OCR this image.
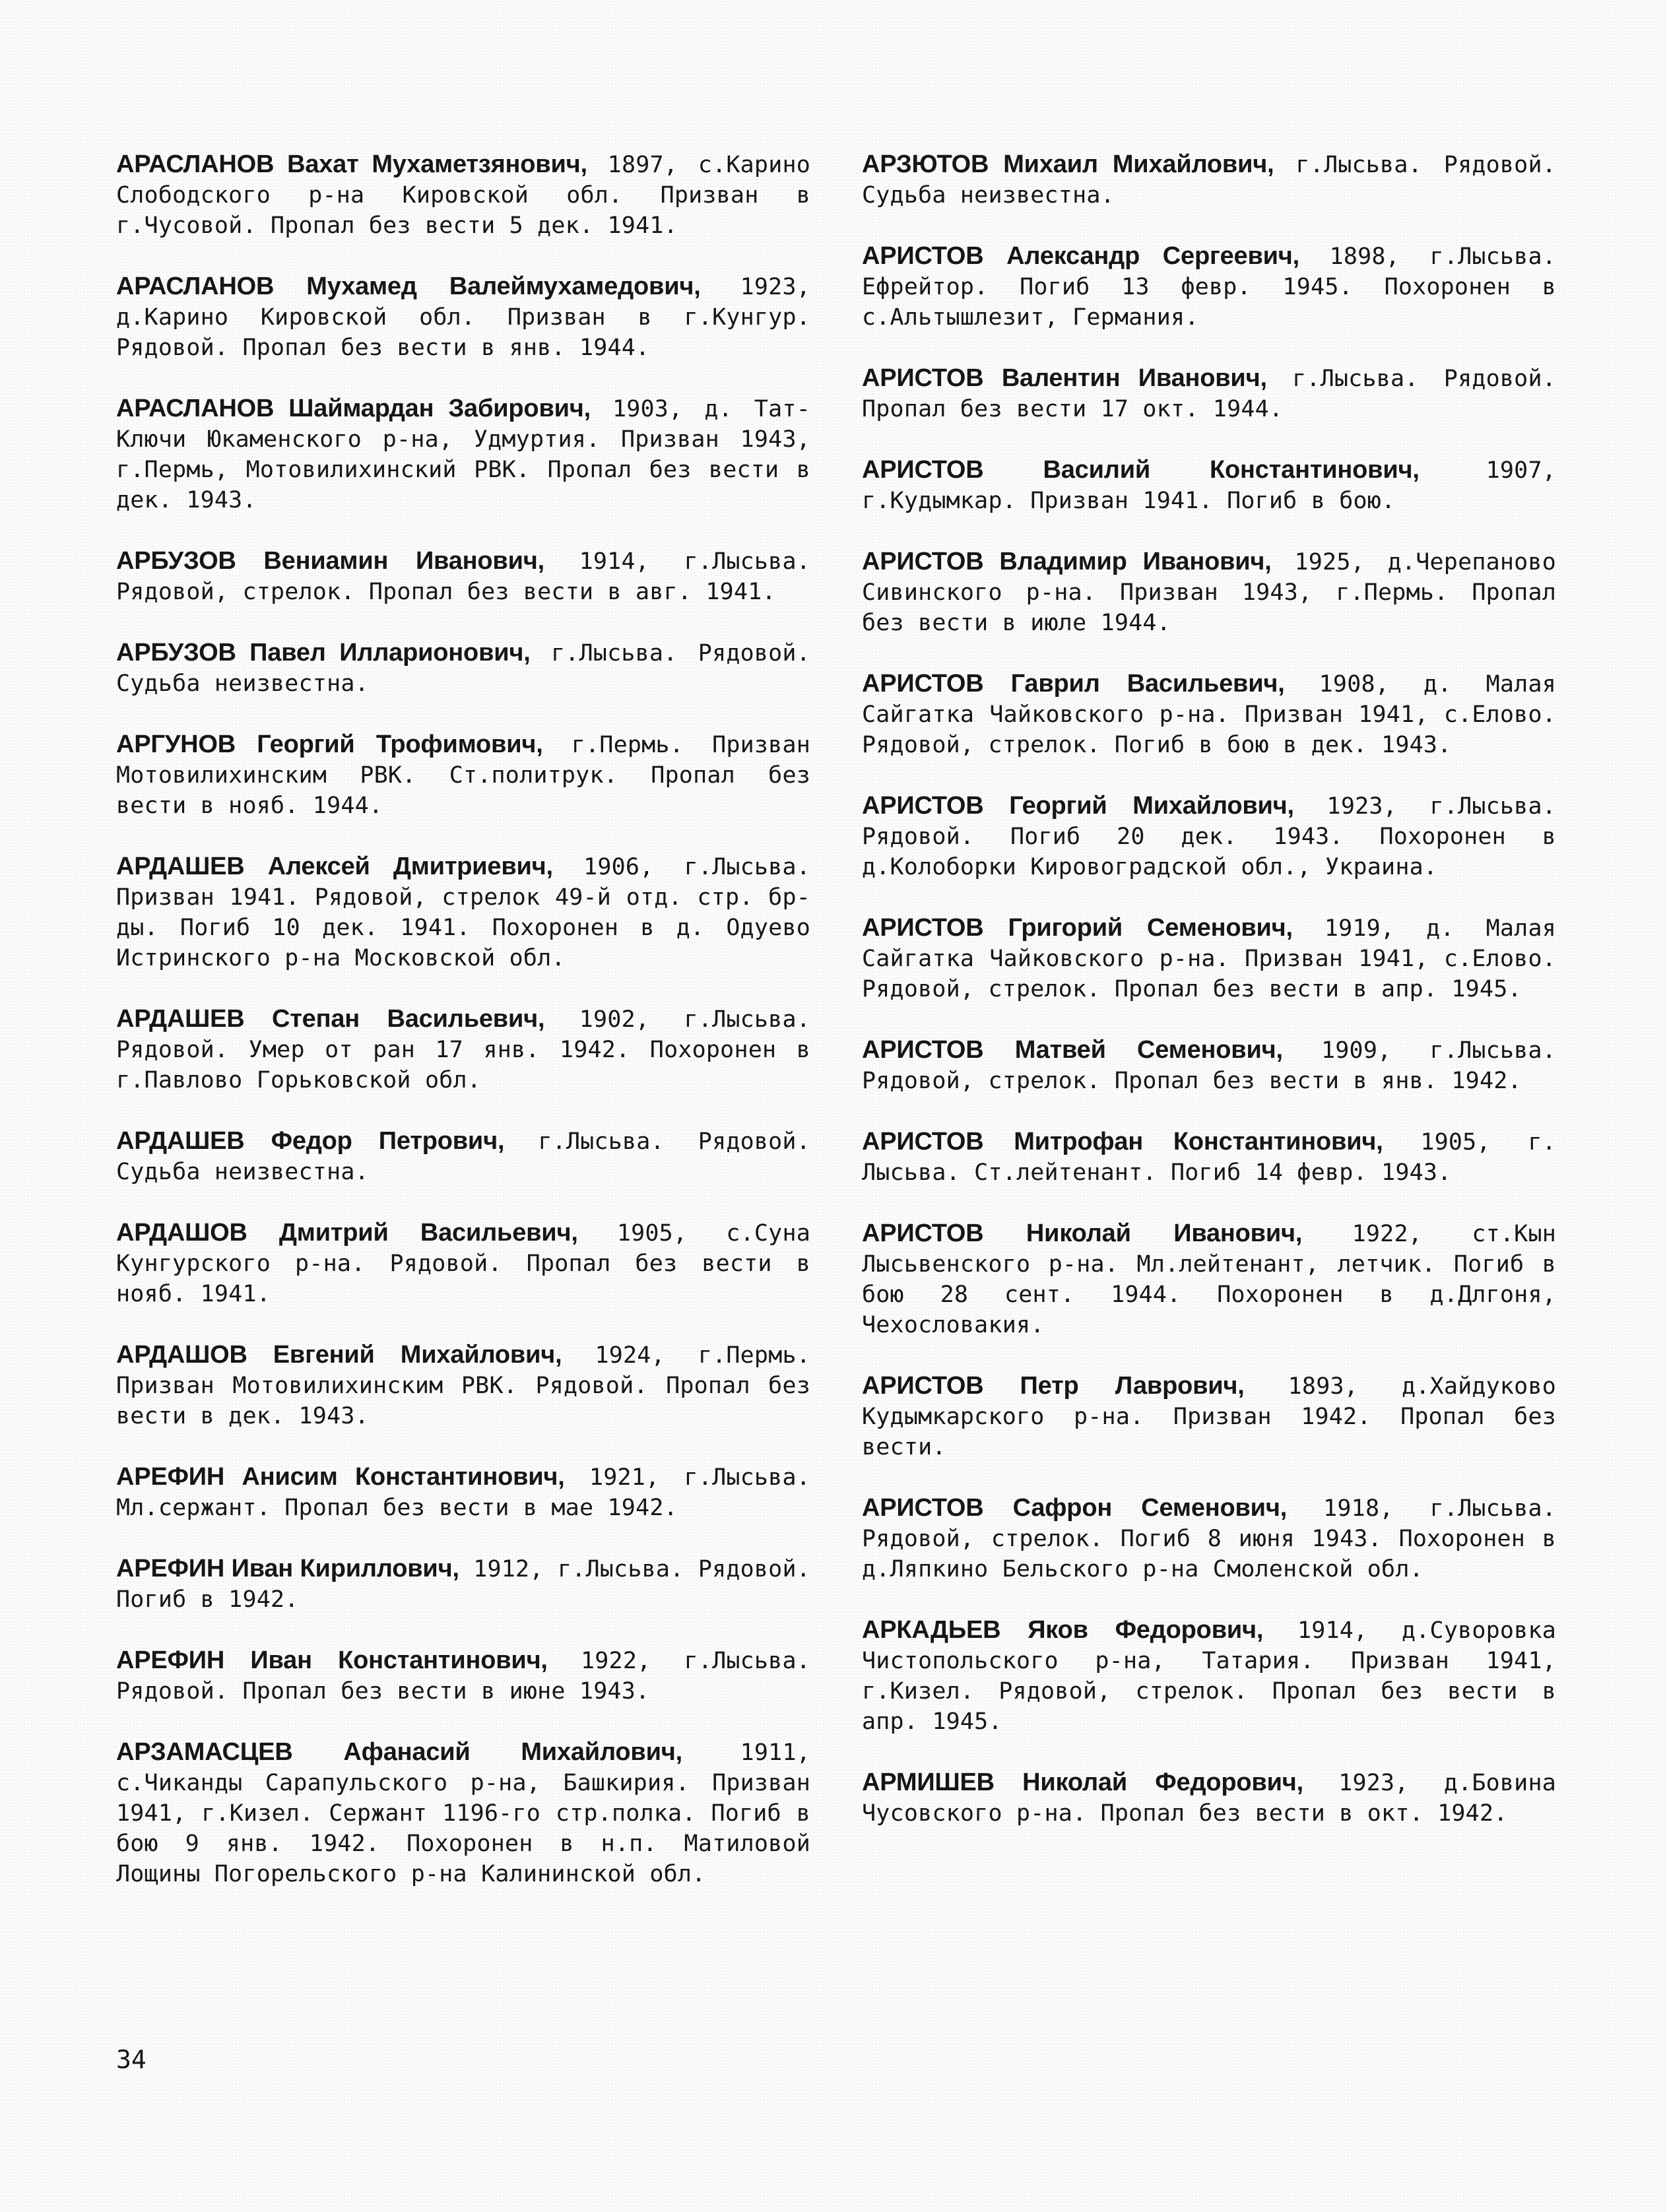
АРАСЛАНОВ Вахат Мухаметзянович, 1897, с.Карино Слободского р-на Кировской обл. Призван в г.Чусовой. Пропал без вести 5 дек. 1941.

АРАСЛАНОВ Мухамед Валеймухамедович, 1923, д.Карино Кировской обл. Призван в г.Кунгур. Рядовой. Пропал без вести в янв. 1944.

АРАСЛАНОВ Шаймардан Забирович, 1903, д. Тат-Ключи Юкаменского р-на, Удмуртия. Призван 1943, г.Пермь, Мотовилихинский РВК. Пропал без вести в дек. 1943.

АРБУЗОВ Вениамин Иванович, 1914, г.Лысьва. Рядовой, стрелок. Пропал без вести в авг. 1941.

АРБУЗОВ Павел Илларионович, г.Лысьва. Рядовой. Судьба неизвестна.

АРГУНОВ Георгий Трофимович, г.Пермь. Призван Мотовилихинским РВК. Ст.политрук. Пропал без вести в нояб. 1944.

АРДАШЕВ Алексей Дмитриевич, 1906, г.Лысьва. Призван 1941. Рядовой, стрелок 49-й отд. стр. бр-ды. Погиб 10 дек. 1941. Похоронен в д. Одуево Истринского р-на Московской обл.

АРДАШЕВ Степан Васильевич, 1902, г.Лысьва. Рядовой. Умер от ран 17 янв. 1942. Похоронен в г.Павлово Горьковской обл.

АРДАШЕВ Федор Петрович, г.Лысьва. Рядовой. Судьба неизвестна.

АРДАШОВ Дмитрий Васильевич, 1905, с.Суна Кунгурского р-на. Рядовой. Пропал без вести в нояб. 1941.

АРДАШОВ Евгений Михайлович, 1924, г.Пермь. Призван Мотовилихинским РВК. Рядовой. Пропал без вести в дек. 1943.

АРЕФИН Анисим Константинович, 1921, г.Лысьва. Мл.сержант. Пропал без вести в мае 1942.

АРЕФИН Иван Кириллович, 1912, г.Лысьва. Рядовой. Погиб в 1942.

АРЕФИН Иван Константинович, 1922, г.Лысьва. Рядовой. Пропал без вести в июне 1943.

АРЗАМАСЦЕВ Афанасий Михайлович,	1911, с.Чиканды Сарапульского р-на, Башкирия. Призван 1941, г.Кизел. Сержант 1196-го стр.полка. Погиб в бою 9 янв. 1942. Похоронен в н.п. Матиловой Лощины Погорельского р-на Калининской обл.

АРЗЮТОВ Михаил Михайлович, г.Лысьва. Рядовой. Судьба неизвестна.

АРИСТОВ Александр Сергеевич, 1898, г.Лысьва. Ефрейтор. Погиб 13 февр. 1945. Похоронен в с.Альтышлезит, Германия.

АРИСТОВ Валентин Иванович, г.Лысьва. Рядовой. Пропал без вести 17 окт. 1944.

АРИСТОВ Василий Константинович,	1907, г.Кудымкар. Призван 1941. Погиб в бою.

АРИСТОВ Владимир Иванович, 1925, д.Черепаново Сивинского р-на. Призван 1943, г.Пермь. Пропал без вести в июле 1944.

АРИСТОВ Гаврил Васильевич, 1908, д. Малая Сайгатка Чайковского р-на. Призван 1941, с.Елово. Рядовой, стрелок. Погиб в бою в дек. 1943.

АРИСТОВ Георгий Михайлович, 1923, г.Лысьва. Рядовой. Погиб 20 дек. 1943. Похоронен в д.Колоборки Кировоградской обл., Украина.

АРИСТОВ Григорий Семенович, 1919, д. Малая Сайгатка Чайковского р-на. Призван 1941, с.Елово. Рядовой, стрелок. Пропал без вести в апр. 1945.

АРИСТОВ Матвей Семенович, 1909, г.Лысьва. Рядовой, стрелок. Пропал без вести в янв. 1942.

АРИСТОВ Митрофан Константинович, 1905, г. Лысьва. Ст.лейтенант. Погиб 14 февр. 1943.

АРИСТОВ Николай Иванович, 1922, ст.Кын Лысьвенского р-на. Мл.лейтенант, летчик. Погиб в бою 28 сент. 1944. Похоронен в д.Длгоня, Чехословакия.

АРИСТОВ Петр Лаврович, 1893, д.Хайдуково Кудымкарского р-на. Призван 1942. Пропал без вести.

АРИСТОВ Сафрон Семенович, 1918, г.Лысьва. Рядовой, стрелок. Погиб 8 июня 1943. Похоронен в д.Ляпкино Бельского р-на Смоленской обл.

АРКАДЬЕВ Яков Федорович, 1914, д.Суворовка Чистопольского р-на, Татария. Призван 1941, г.Кизел. Рядовой, стрелок. Пропал без вести в апр. 1945.

АРМИШЕВ Николай Федорович, 1923, д.Бовина Чусовского р-на. Пропал без вести в окт. 1942.

34
